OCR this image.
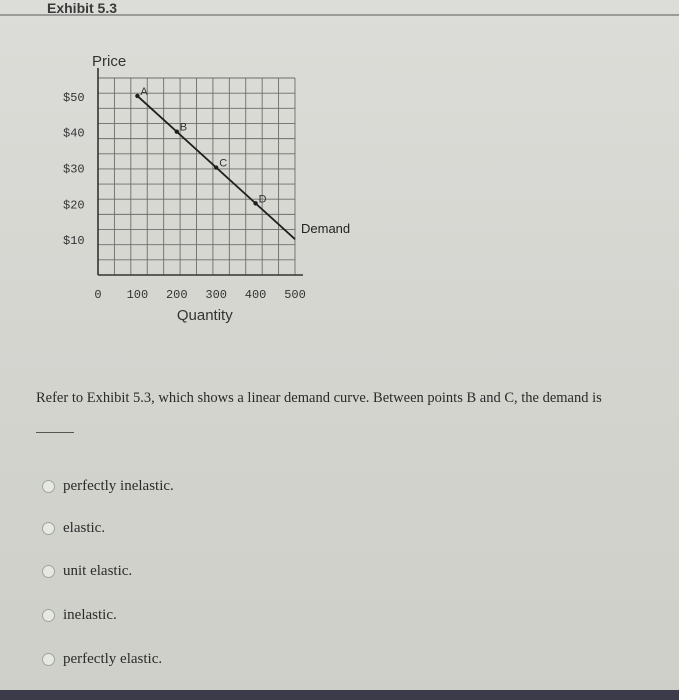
Exhibit 5.3
Price
$50
$40
$30
$20
$10
0 100 200 300 400 500
Quantity
Demand
A
B
C
D
Refer to Exhibit 5.3, which shows a linear demand curve. Between points B and C, the demand is
perfectly inelastic.
elastic.
unit elastic.
inelastic.
perfectly elastic.
